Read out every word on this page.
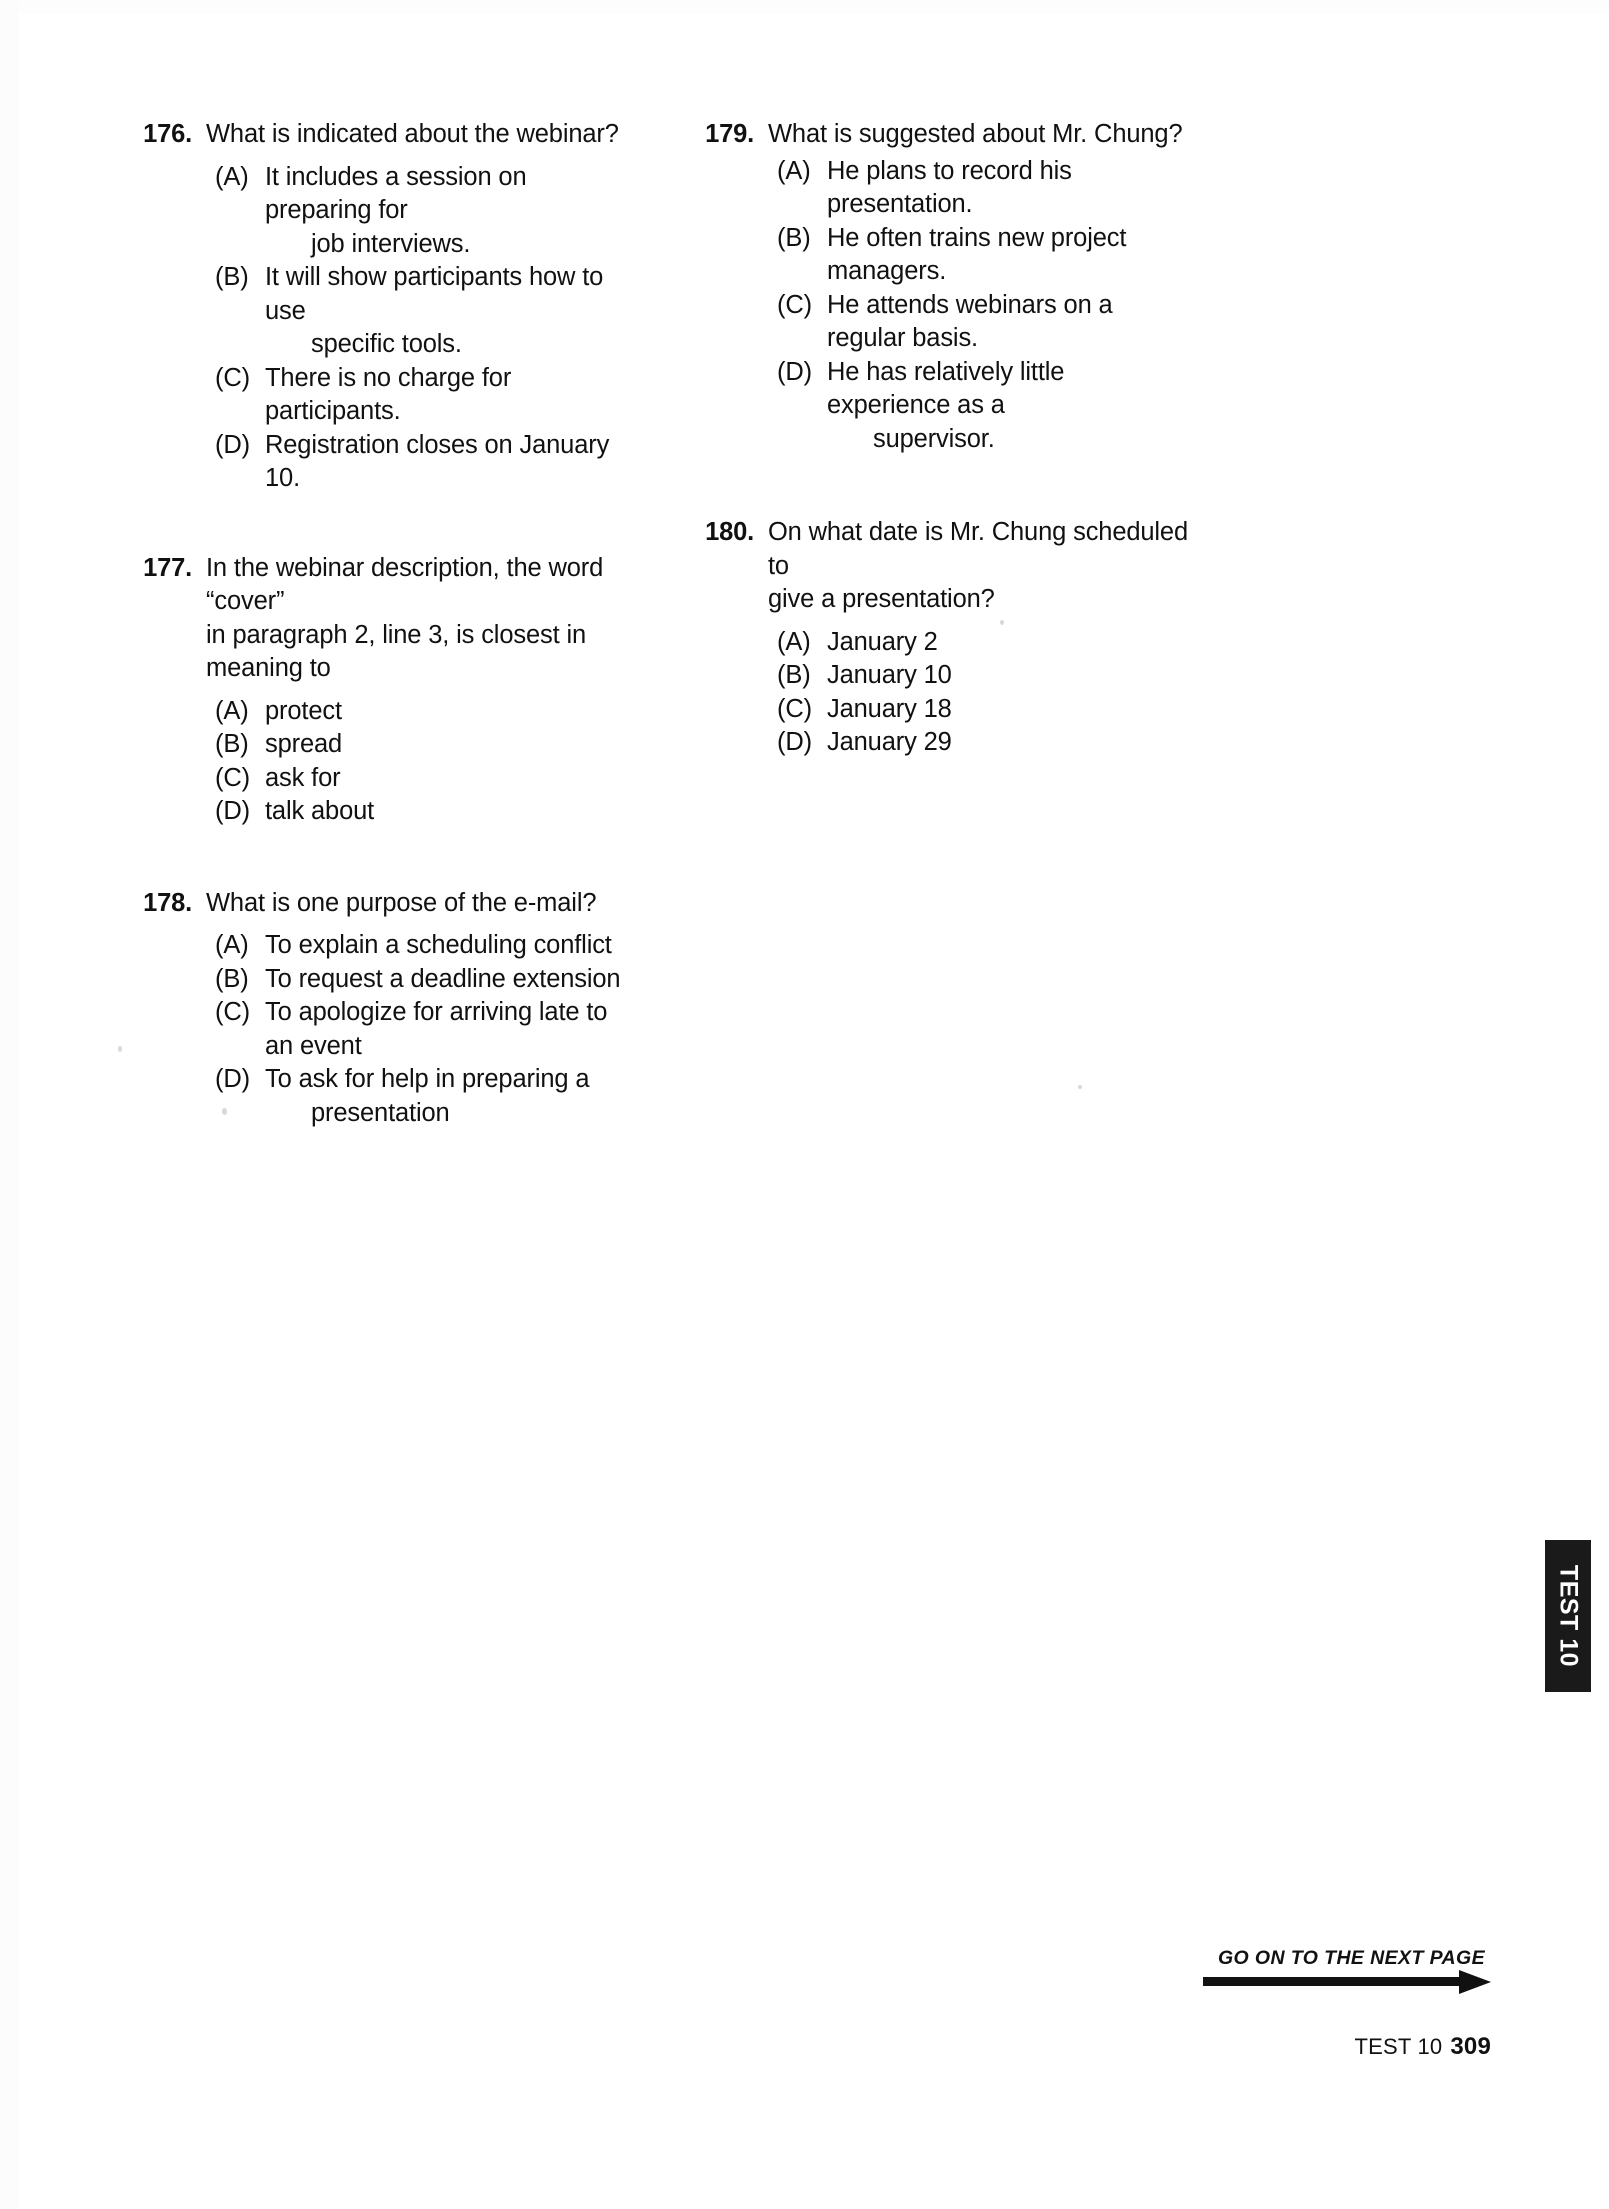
176. What is indicated about the webinar?

(A) It includes a session on preparing for
job interviews.
(B) It will show participants how to use
specific tools.
(C) There is no charge for participants.
(D) Registration closes on January 10.
177. In the webinar description, the word “cover”
in paragraph 2, line 3, is closest in
meaning to

(A) protect
(B) spread
(C) ask for
(D) talk about
178. What is one purpose of the e-mail?

(A) To explain a scheduling conflict
(B) To request a deadline extension
(C) To apologize for arriving late to an event
(D) To ask for help in preparing a
presentation
179. What is suggested about Mr. Chung?

(A) He plans to record his presentation.
(B) He often trains new project managers.
(C) He attends webinars on a regular basis.
(D) He has relatively little experience as a
supervisor.
180. On what date is Mr. Chung scheduled to
give a presentation?

(A) January 2
(B) January 10
(C) January 18
(D) January 29
TEST 10
GO ON TO THE NEXT PAGE
TEST 10 309
